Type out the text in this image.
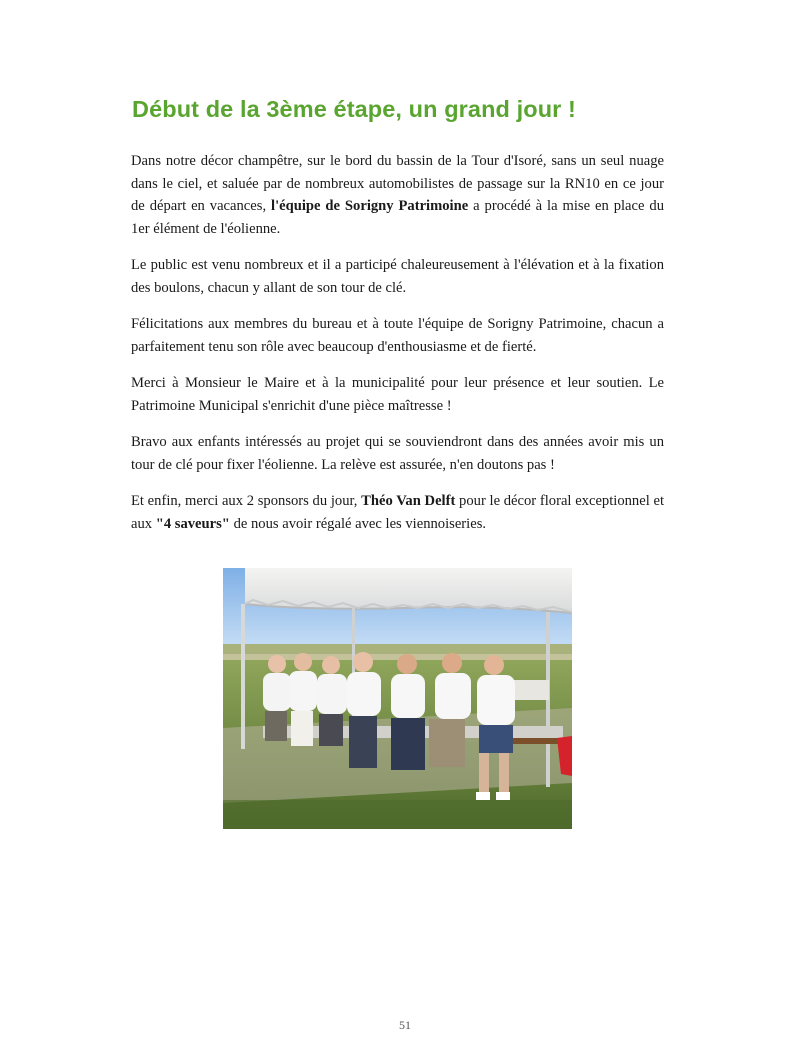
Début de la 3ème étape, un grand jour !

Dans notre décor champêtre, sur le bord du bassin de la Tour d'Isoré, sans un seul nuage dans le ciel, et saluée par de nombreux automobilistes de passage sur la RN10 en ce jour de départ en vacances, l'équipe de Sorigny Patrimoine a procédé à la mise en place du 1er élément de l'éolienne.

Le public est venu nombreux et il a participé chaleureusement à l'élévation et à la fixation des boulons, chacun y allant de son tour de clé.

Félicitations aux membres du bureau et à toute l'équipe de Sorigny Patrimoine, chacun a parfaitement tenu son rôle avec beaucoup d'enthousiasme et de fierté.

Merci à Monsieur le Maire et à la municipalité pour leur présence et leur soutien. Le Patrimoine Municipal s'enrichit d'une pièce maîtresse !

Bravo aux enfants intéressés au projet qui se souviendront dans des années avoir mis un tour de clé pour fixer l'éolienne. La relève est assurée, n'en doutons pas !

Et enfin, merci aux 2 sponsors du jour, Théo Van Delft pour le décor floral exceptionnel et aux "4 saveurs" de nous avoir régalé avec les viennoiseries.

51
